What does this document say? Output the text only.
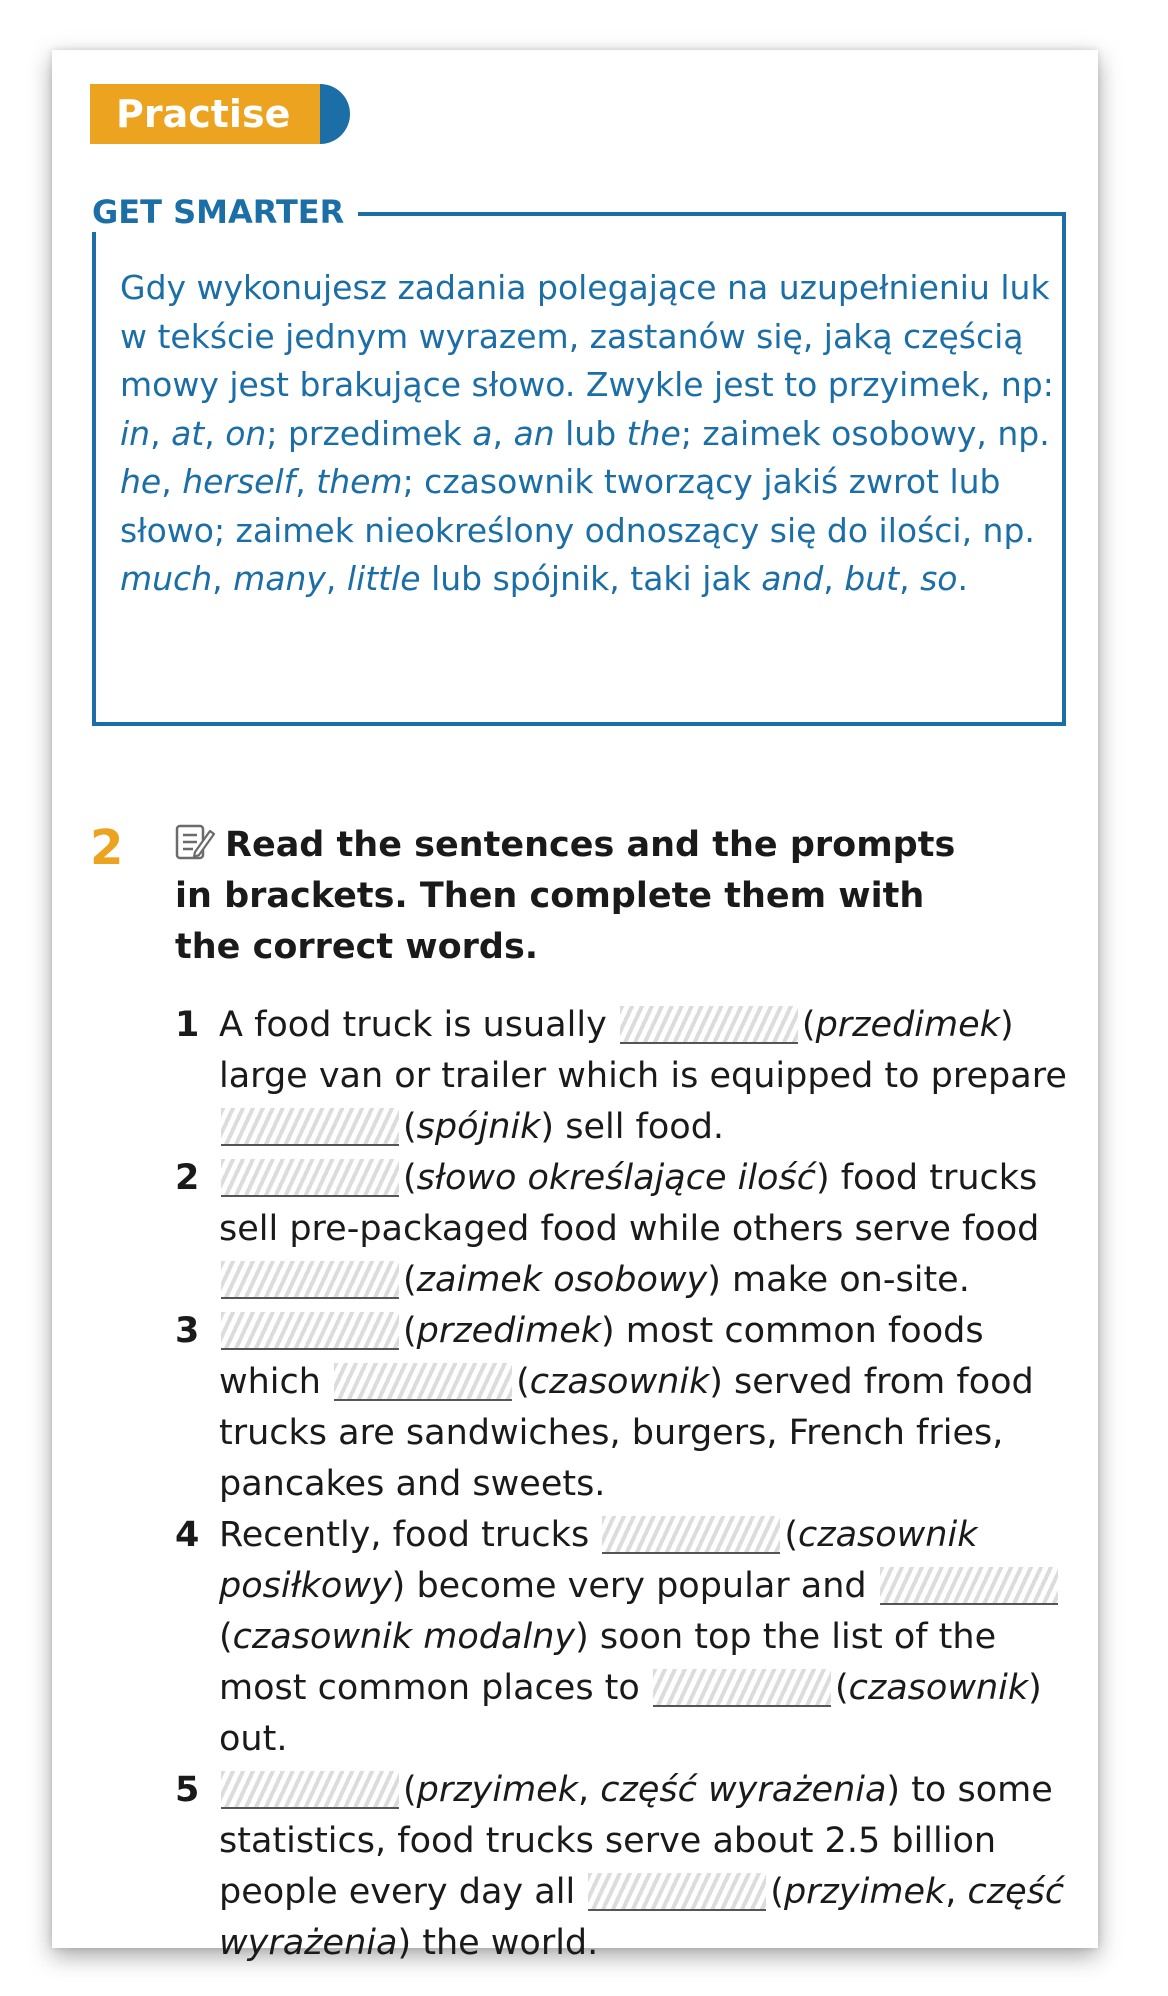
Practise
GET SMARTER
Gdy wykonujesz zadania polegające na uzupełnieniu luk w tekście jednym wyrazem, zastanów się, jaką częścią mowy jest brakujące słowo. Zwykle jest to przyimek, np: in, at, on; przedimek a, an lub the; zaimek osobowy, np. he, herself, them; czasownik tworzący jakiś zwrot lub słowo; zaimek nieokreślony odnoszący się do ilości, np. much, many, little lub spójnik, taki jak and, but, so.
2	Read the sentences and the prompts in brackets. Then complete them with the correct words.
1 A food truck is usually	(przedimek) large van or trailer which is equipped to prepare (spójnik) sell food.
2	(słowo określające ilość) food trucks sell pre-packaged food while others serve food (zaimek osobowy) make on-site.
3	(przedimek) most common foods which	(czasownik) served from food trucks are sandwiches, burgers, French fries, pancakes and sweets.
4 Recently, food trucks	(czasownik posiłkowy) become very popular and (czasownik modalny) soon top the list of the most common places to	(czasownik) out.
5	(przyimek, część wyrażenia) to some statistics, food trucks serve about 2.5 billion people every day all	(przyimek, część wyrażenia) the world.
